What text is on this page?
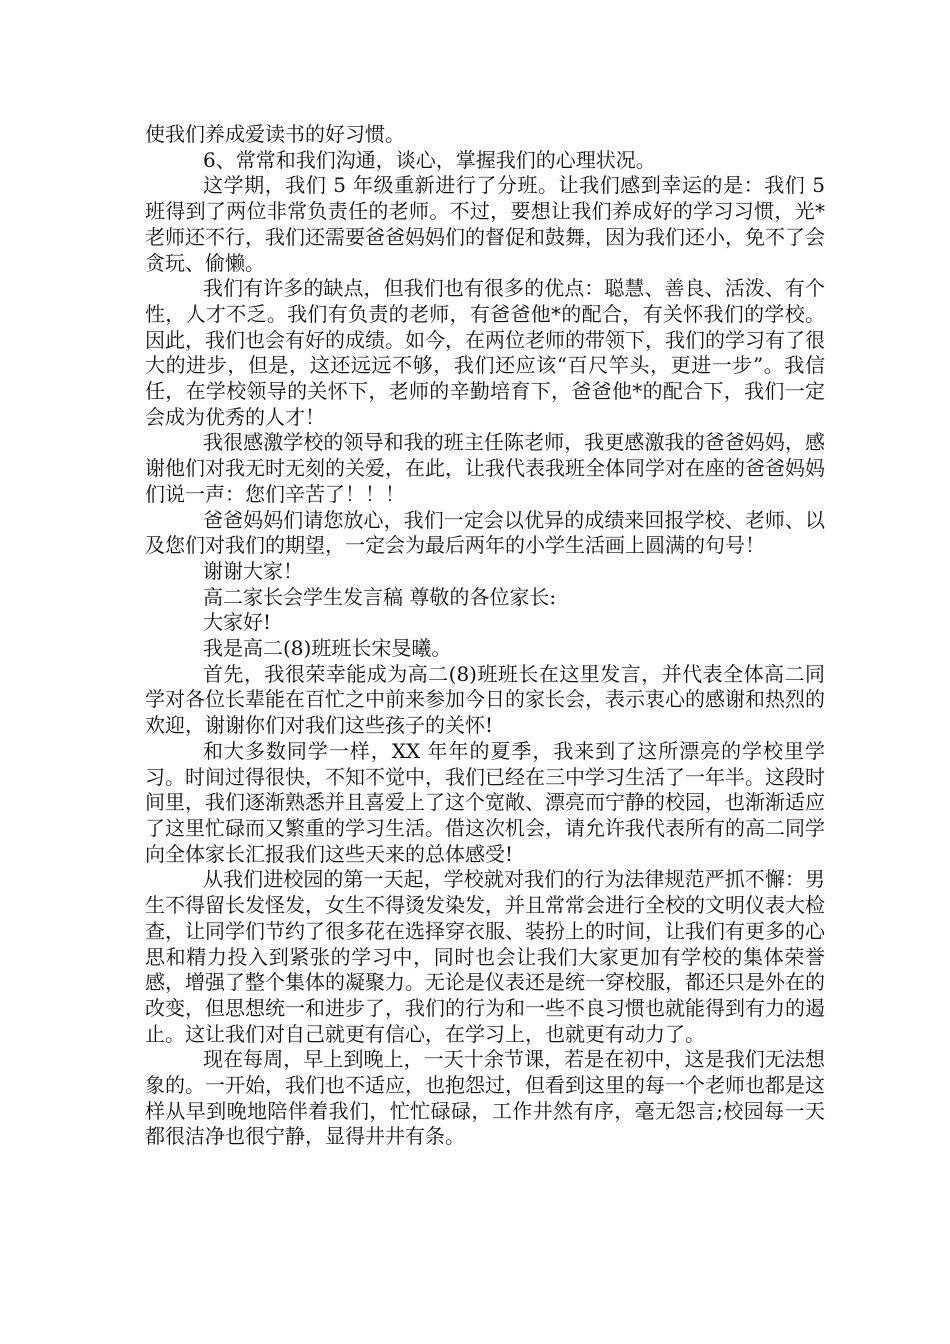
使我们养成爱读书的好习惯。

6、常常和我们沟通，谈心，掌握我们的心理状况。

这学期，我们 5 年级重新进行了分班。让我们感到幸运的是：我们 5 班得到了两位非常负责任的老师。不过，要想让我们养成好的学习习惯，光*老师还不行，我们还需要爸爸妈妈们的督促和鼓舞，因为我们还小，免不了会贪玩、偷懒。

我们有许多的缺点，但我们也有很多的优点：聪慧、善良、活泼、有个性，人才不乏。我们有负责的老师，有爸爸他*的配合，有关怀我们的学校。因此，我们也会有好的成绩。如今，在两位老师的带领下，我们的学习有了很大的进步，但是，这还远远不够，我们还应该“百尺竿头，更进一步”。我信任，在学校领导的关怀下，老师的辛勤培育下，爸爸他*的配合下，我们一定会成为优秀的人才！

我很感激学校的领导和我的班主任陈老师，我更感激我的爸爸妈妈，感谢他们对我无时无刻的关爱，在此，让我代表我班全体同学对在座的爸爸妈妈们说一声：您们辛苦了！！！

爸爸妈妈们请您放心，我们一定会以优异的成绩来回报学校、老师、以及您们对我们的期望，一定会为最后两年的小学生活画上圆满的句号！

谢谢大家！

高二家长会学生发言稿 尊敬的各位家长:

大家好!

我是高二(8)班班长宋旻曦。

首先，我很荣幸能成为高二(8)班班长在这里发言，并代表全体高二同学对各位长辈能在百忙之中前来参加今日的家长会，表示衷心的感谢和热烈的欢迎，谢谢你们对我们这些孩子的关怀!

和大多数同学一样，XX 年年的夏季，我来到了这所漂亮的学校里学习。时间过得很快，不知不觉中，我们已经在三中学习生活了一年半。这段时间里，我们逐渐熟悉并且喜爱上了这个宽敞、漂亮而宁静的校园，也渐渐适应了这里忙碌而又繁重的学习生活。借这次机会，请允许我代表所有的高二同学向全体家长汇报我们这些天来的总体感受!

从我们进校园的第一天起，学校就对我们的行为法律规范严抓不懈：男生不得留长发怪发，女生不得烫发染发，并且常常会进行全校的文明仪表大检查，让同学们节约了很多花在选择穿衣服、装扮上的时间，让我们有更多的心思和精力投入到紧张的学习中，同时也会让我们大家更加有学校的集体荣誉感，增强了整个集体的凝聚力。无论是仪表还是统一穿校服，都还只是外在的改变，但思想统一和进步了，我们的行为和一些不良习惯也就能得到有力的遏止。这让我们对自己就更有信心，在学习上，也就更有动力了。

现在每周，早上到晚上，一天十余节课，若是在初中，这是我们无法想象的。一开始，我们也不适应，也抱怨过，但看到这里的每一个老师也都是这样从早到晚地陪伴着我们，忙忙碌碌，工作井然有序，毫无怨言;校园每一天都很洁净也很宁静，显得井井有条。
